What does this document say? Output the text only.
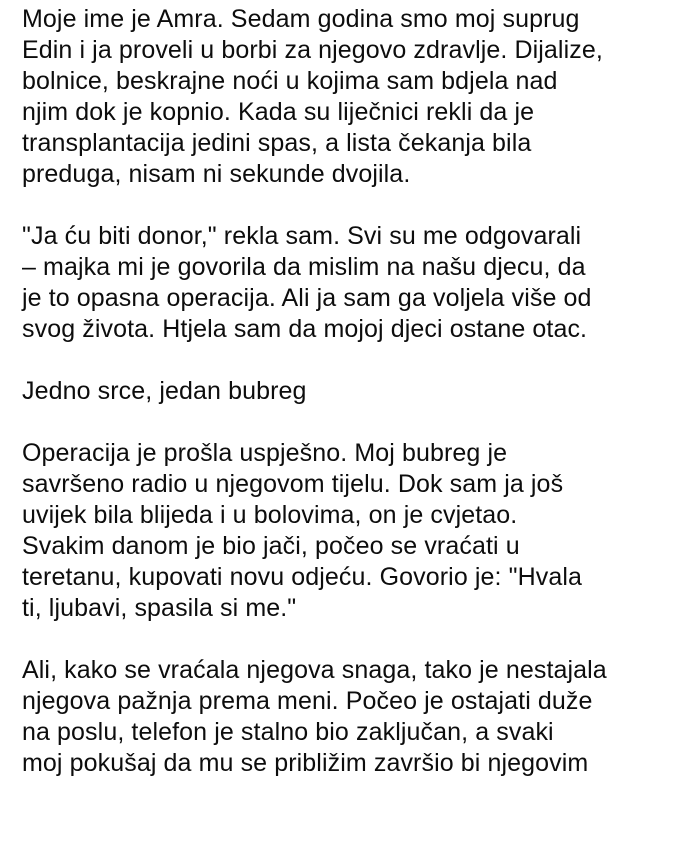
Moje ime je Amra. Sedam godina smo moj suprug
Edin i ja proveli u borbi za njegovo zdravlje. Dijalize,
bolnice, beskrajne noći u kojima sam bdjela nad
njim dok je kopnio. Kada su liječnici rekli da je
transplantacija jedini spas, a lista čekanja bila
preduga, nisam ni sekunde dvojila.
"Ja ću biti donor," rekla sam. Svi su me odgovarali
– majka mi je govorila da mislim na našu djecu, da
je to opasna operacija. Ali ja sam ga voljela više od
svog života. Htjela sam da mojoj djeci ostane otac.
Jedno srce, jedan bubreg
Operacija je prošla uspješno. Moj bubreg je
savršeno radio u njegovom tijelu. Dok sam ja još
uvijek bila blijeda i u bolovima, on je cvjetao.
Svakim danom je bio jači, počeo se vraćati u
teretanu, kupovati novu odjeću. Govorio je: "Hvala
ti, ljubavi, spasila si me."
Ali, kako se vraćala njegova snaga, tako je nestajala
njegova pažnja prema meni. Počeo je ostajati duže
na poslu, telefon je stalno bio zaključan, a svaki
moj pokušaj da mu se približim završio bi njegovim
